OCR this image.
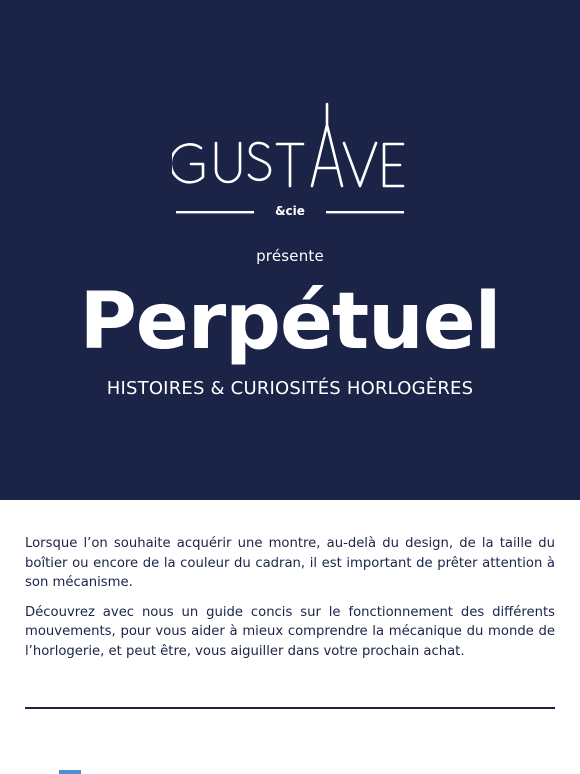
&cie
présente
Perpétuel
HISTOIRES & CURIOSITÉS HORLOGÈRES

Lorsque l’on souhaite acquérir une montre, au-delà du design, de la taille du boîtier ou encore de la couleur du cadran, il est important de prêter attention à son mécanisme.

Découvrez avec nous un guide concis sur le fonctionnement des différents mouvements, pour vous aider à mieux comprendre la mécanique du monde de l’horlogerie, et peut être, vous aiguiller dans votre prochain achat.
